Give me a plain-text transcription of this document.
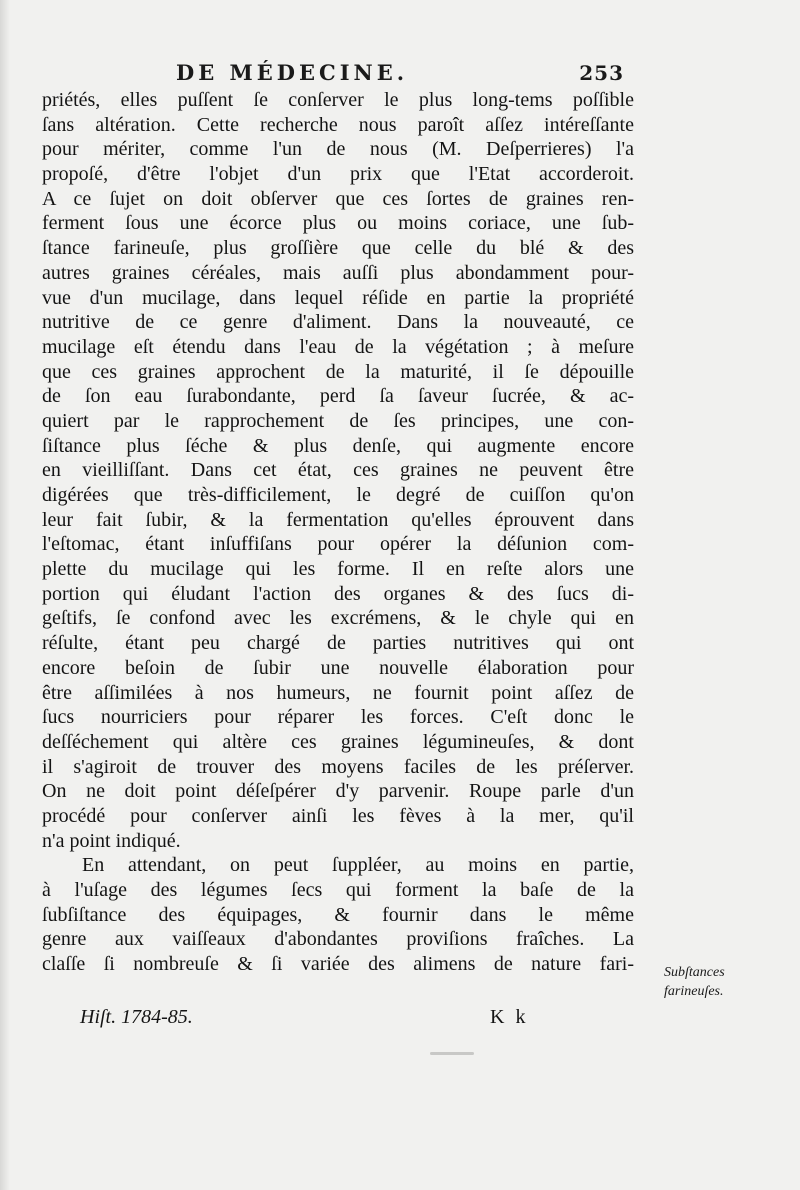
DE MÉDECINE.	253
priétés, elles puſſent ſe conſerver le plus long-tems poſſible
ſans altération. Cette recherche nous paroît aſſez intéreſſante
pour mériter, comme l'un de nous (M. Deſperrieres) l'a
propoſé, d'être l'objet d'un prix que l'Etat accorderoit.
A ce ſujet on doit obſerver que ces ſortes de graines ren-
ferment ſous une écorce plus ou moins coriace, une ſub-
ſtance farineuſe, plus groſſière que celle du blé & des
autres graines céréales, mais auſſi plus abondamment pour-
vue d'un mucilage, dans lequel réſide en partie la propriété
nutritive de ce genre d'aliment. Dans la nouveauté, ce
mucilage eſt étendu dans l'eau de la végétation ; à meſure
que ces graines approchent de la maturité, il ſe dépouille
de ſon eau ſurabondante, perd ſa ſaveur ſucrée, & ac-
quiert par le rapprochement de ſes principes, une con-
ſiſtance plus ſéche & plus denſe, qui augmente encore
en vieilliſſant. Dans cet état, ces graines ne peuvent être
digérées que très-difficilement, le degré de cuiſſon qu'on
leur fait ſubir, & la fermentation qu'elles éprouvent dans
l'eſtomac, étant inſuffiſans pour opérer la déſunion com-
plette du mucilage qui les forme. Il en reſte alors une
portion qui éludant l'action des organes & des ſucs di-
geſtifs, ſe confond avec les excrémens, & le chyle qui en
réſulte, étant peu chargé de parties nutritives qui ont
encore beſoin de ſubir une nouvelle élaboration pour
être aſſimilées à nos humeurs, ne fournit point aſſez de
ſucs nourriciers pour réparer les forces. C'eſt donc le
deſſéchement qui altère ces graines légumineuſes, & dont
il s'agiroit de trouver des moyens faciles de les préſerver.
On ne doit point déſeſpérer d'y parvenir. Roupe parle d'un
procédé pour conſerver ainſi les fèves à la mer, qu'il
n'a point indiqué.
En attendant, on peut ſuppléer, au moins en partie,
à l'uſage des légumes ſecs qui forment la baſe de la
ſubſiſtance des équipages, & fournir dans le même
genre aux vaiſſeaux d'abondantes proviſions fraîches. La
claſſe ſi nombreuſe & ſi variée des alimens de nature fari- Subſtances
farineuſes.
Hiſt. 1784-85.	K k
